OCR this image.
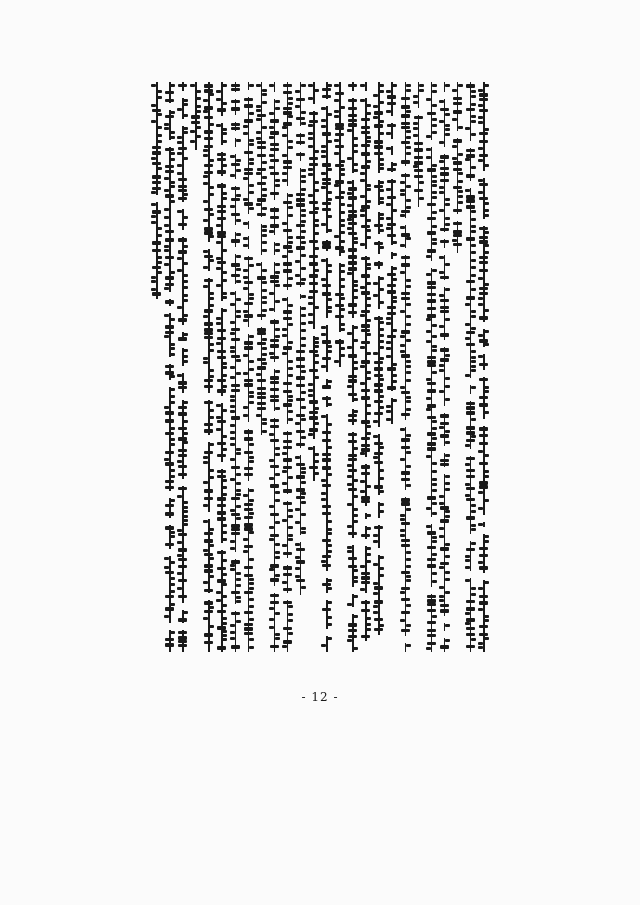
- 12 -
